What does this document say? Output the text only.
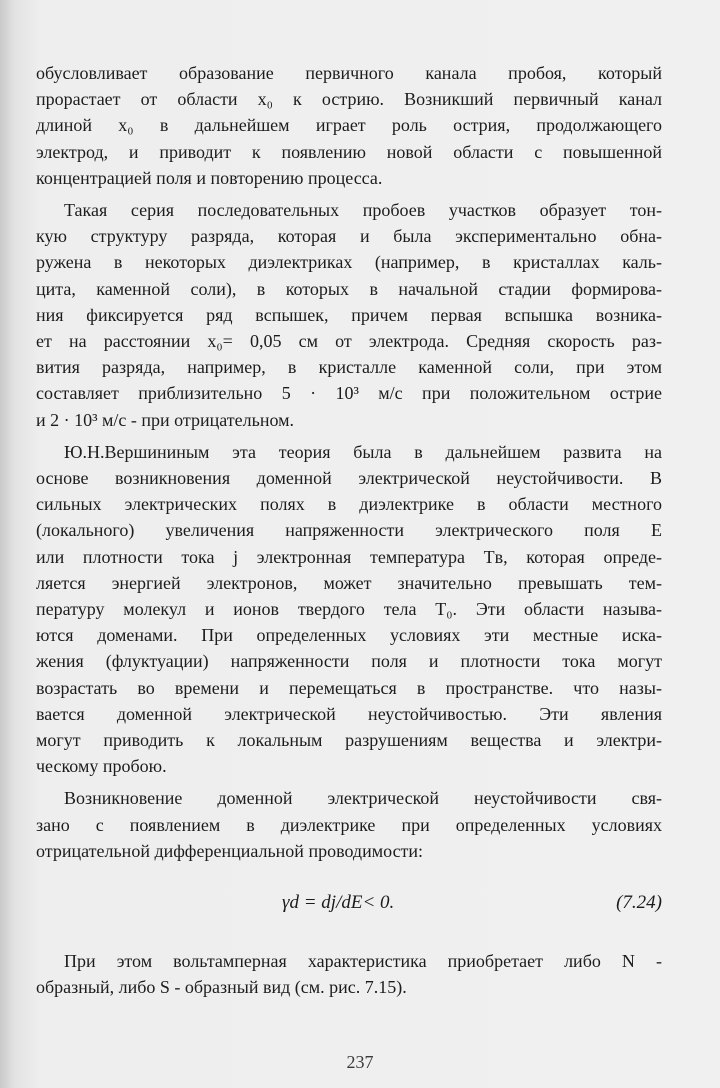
обусловливает образование первичного канала пробоя, который
прорастает от области x₀ к острию. Возникший первичный канал
длиной x₀ в дальнейшем играет роль острия, продолжающего
электрод, и приводит к появлению новой области с повышенной
концентрацией поля и повторению процесса.

Такая серия последовательных пробоев участков образует тон-
кую структуру разряда, которая и была экспериментально обна-
ружена в некоторых диэлектриках (например, в кристаллах каль-
цита, каменной соли), в которых в начальной стадии формирова-
ния фиксируется ряд вспышек, причем первая вспышка возника-
ет на расстоянии x₀= 0,05 см от электрода. Средняя скорость раз-
вития разряда, например, в кристалле каменной соли, при этом
составляет приблизительно 5 · 10³ м/с при положительном острие
и 2 · 10³ м/с - при отрицательном.

Ю.Н.Вершининым эта теория была в дальнейшем развита на
основе возникновения доменной электрической неустойчивости. В
сильных электрических полях в диэлектрике в области местного
(локального) увеличения напряженности электрического поля E
или плотности тока j электронная температура Tв, которая опреде-
ляется энергией электронов, может значительно превышать тем-
пературу молекул и ионов твердого тела T₀. Эти области называ-
ются доменами. При определенных условиях эти местные иска-
жения (флуктуации) напряженности поля и плотности тока могут
возрастать во времени и перемещаться в пространстве. что назы-
вается доменной электрической неустойчивостью. Эти явления
могут приводить к локальным разрушениям вещества и электри-
ческому пробою.

Возникновение доменной электрической неустойчивости свя-
зано с появлением в диэлектрике при определенных условиях
отрицательной дифференциальной проводимости:

γd = dj/dE< 0.	(7.24)

При этом вольтамперная характеристика приобретает либо N -
образный, либо S - образный вид (см. рис. 7.15).

237
